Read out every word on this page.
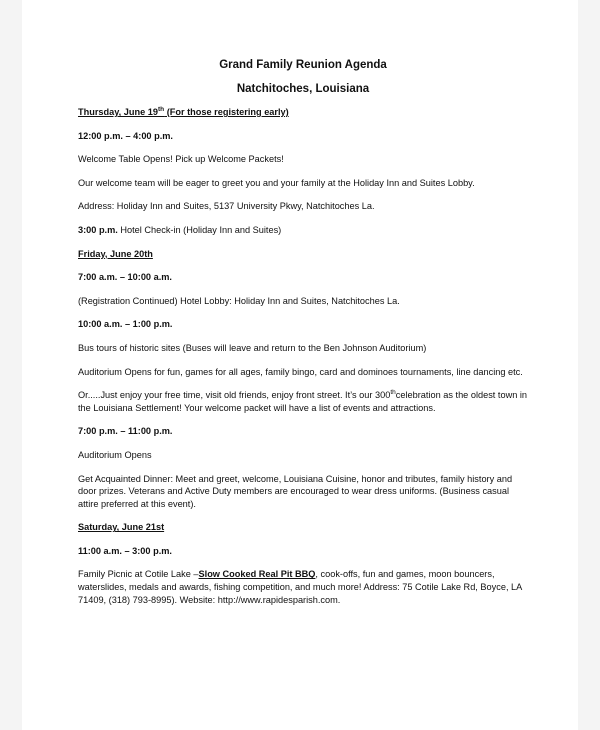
Grand Family Reunion Agenda
Natchitoches, Louisiana

Thursday, June 19th (For those registering early)

12:00 p.m. – 4:00 p.m.

Welcome Table Opens! Pick up Welcome Packets!

Our welcome team will be eager to greet you and your family at the Holiday Inn and Suites Lobby.

Address: Holiday Inn and Suites, 5137 University Pkwy, Natchitoches La.

3:00 p.m. Hotel Check-in (Holiday Inn and Suites)

Friday, June 20th

7:00 a.m. – 10:00 a.m.

(Registration Continued) Hotel Lobby: Holiday Inn and Suites, Natchitoches La.

10:00 a.m. – 1:00 p.m.

Bus tours of historic sites (Buses will leave and return to the Ben Johnson Auditorium)

Auditorium Opens for fun, games for all ages, family bingo, card and dominoes tournaments, line dancing etc.

Or.....Just enjoy your free time, visit old friends, enjoy front street. It’s our 300thcelebration as the oldest town in the Louisiana Settlement! Your welcome packet will have a list of events and attractions.

7:00 p.m. – 11:00 p.m.

Auditorium Opens

Get Acquainted Dinner: Meet and greet, welcome, Louisiana Cuisine, honor and tributes, family history and door prizes. Veterans and Active Duty members are encouraged to wear dress uniforms. (Business casual attire preferred at this event).

Saturday, June 21st

11:00 a.m. – 3:00 p.m.

Family Picnic at Cotile Lake –Slow Cooked Real Pit BBQ, cook-offs, fun and games, moon bouncers, waterslides, medals and awards, fishing competition, and much more! Address: 75 Cotile Lake Rd, Boyce, LA 71409, (318) 793-8995). Website: http://www.rapidesparish.com.
